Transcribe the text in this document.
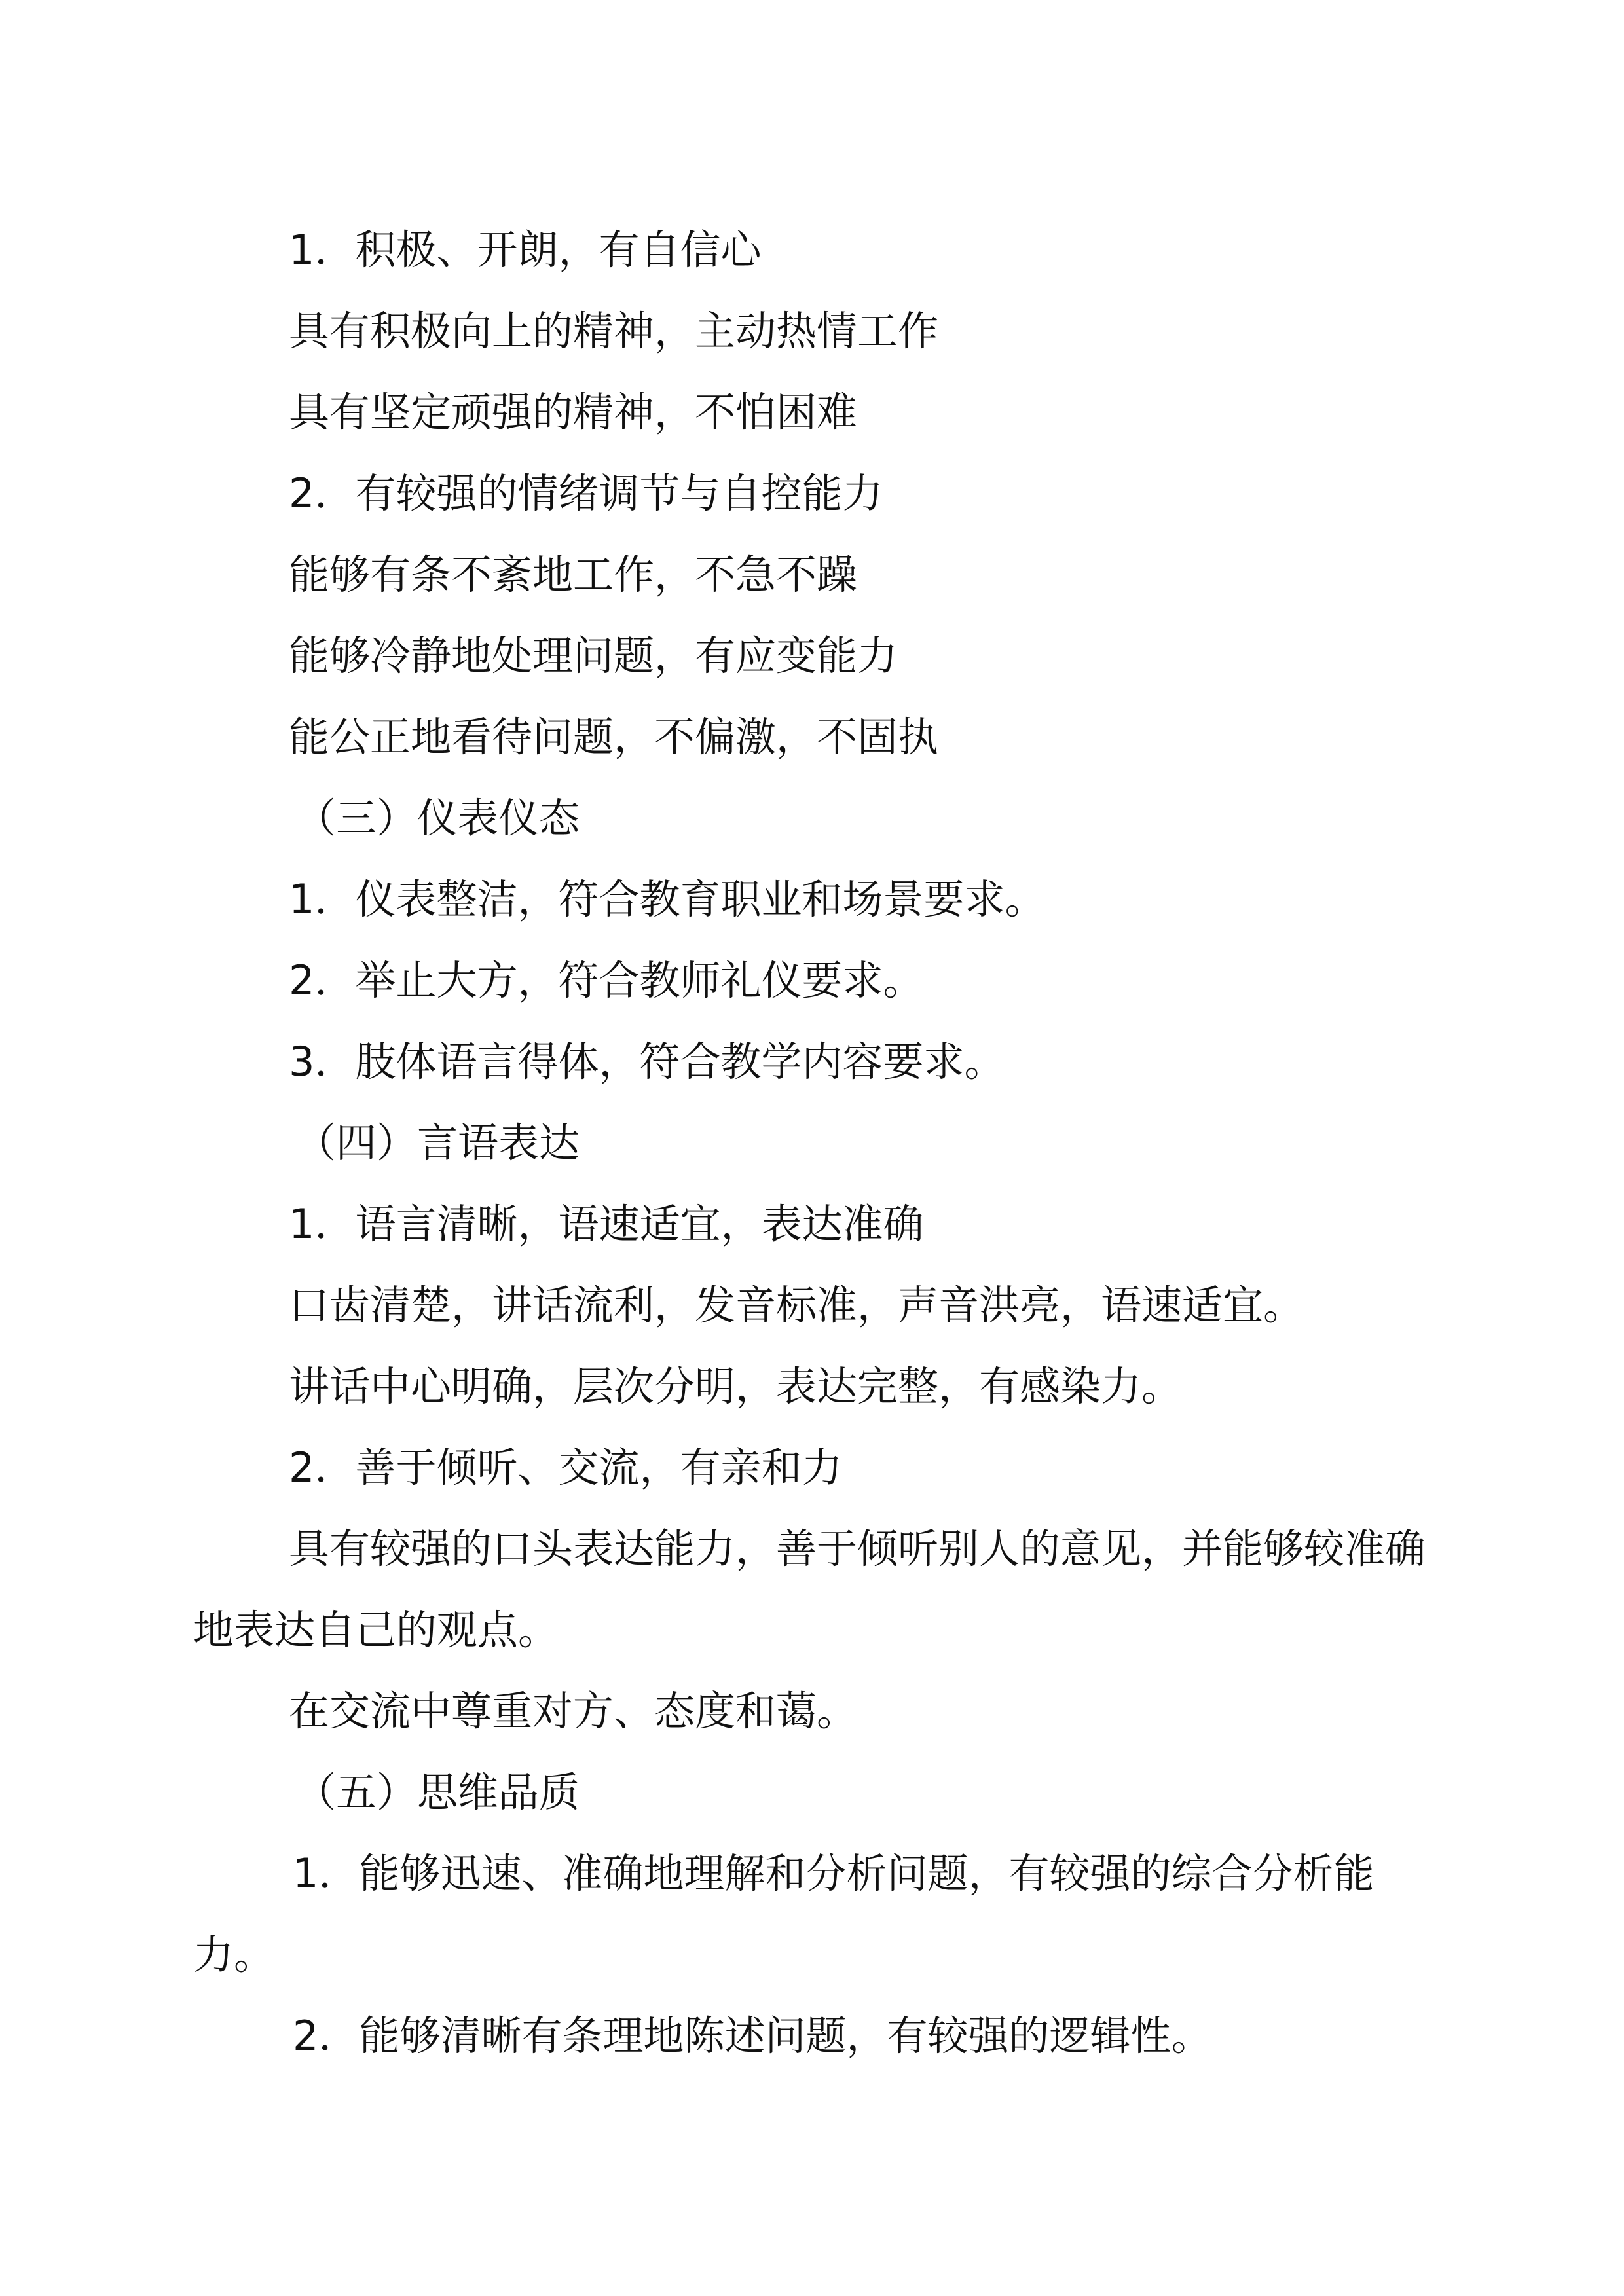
1．积极、开朗，有自信心

具有积极向上的精神，主动热情工作

具有坚定顽强的精神，不怕困难

2．有较强的情绪调节与自控能力

能够有条不紊地工作，不急不躁

能够冷静地处理问题，有应变能力

能公正地看待问题，不偏激，不固执

（三）仪表仪态

1．仪表整洁，符合教育职业和场景要求。

2．举止大方，符合教师礼仪要求。

3．肢体语言得体，符合教学内容要求。

（四）言语表达

1．语言清晰，语速适宜，表达准确

口齿清楚，讲话流利，发音标准，声音洪亮，语速适宜。

讲话中心明确，层次分明，表达完整，有感染力。

2．善于倾听、交流，有亲和力

具有较强的口头表达能力，善于倾听别人的意见，并能够较准确地表达自己的观点。

在交流中尊重对方、态度和蔼。

（五）思维品质

1．能够迅速、准确地理解和分析问题，有较强的综合分析能力。

2．能够清晰有条理地陈述问题，有较强的逻辑性。
